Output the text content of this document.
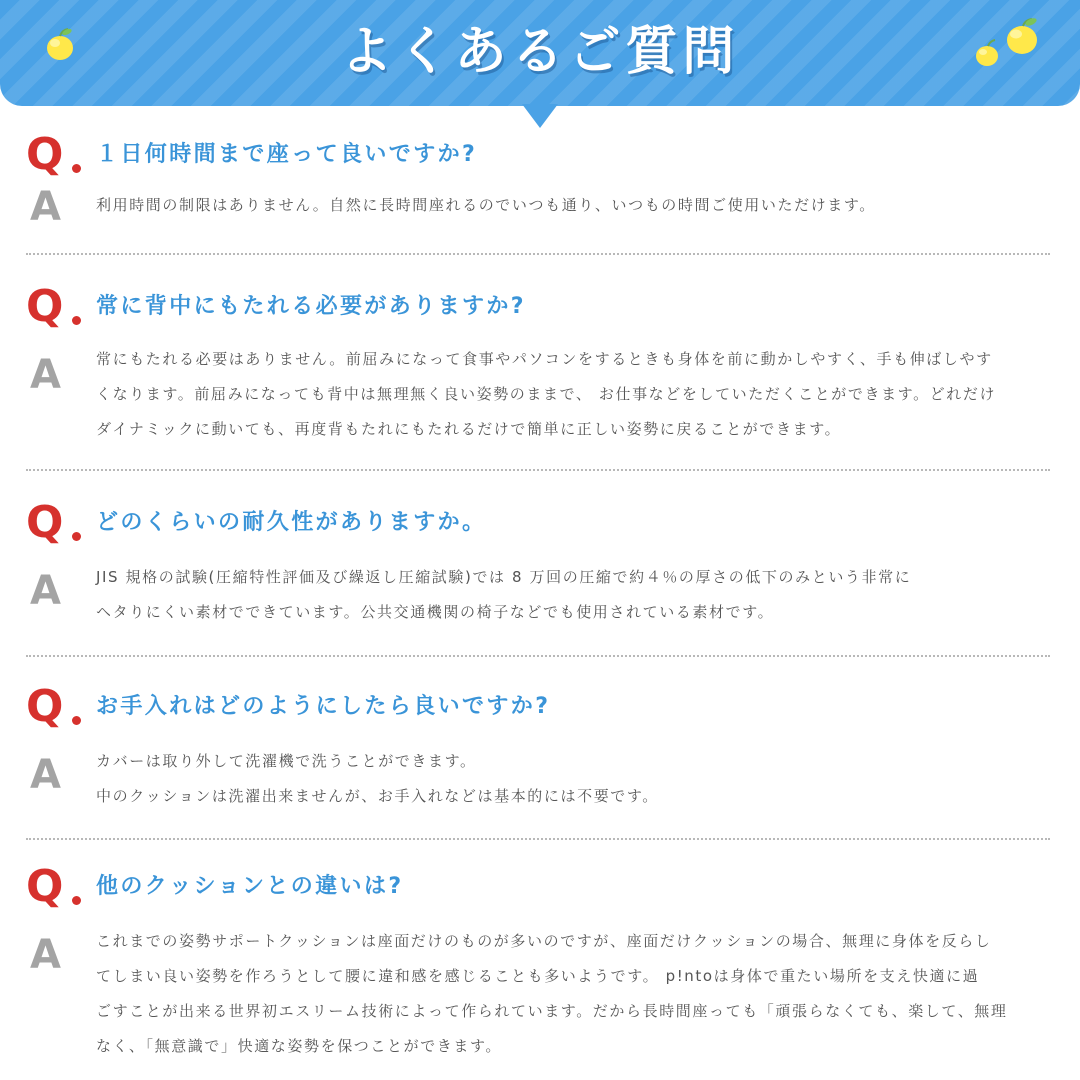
よくあるご質問
Q １日何時間まで座って良いですか?
A 利用時間の制限はありません。自然に長時間座れるのでいつも通り、いつもの時間ご使用いただけます。
Q 常に背中にもたれる必要がありますか?
A 常にもたれる必要はありません。前屈みになって食事やパソコンをするときも身体を前に動かしやすく、手も伸ばしやす
くなります。前屈みになっても背中は無理無く良い姿勢のままで、 お仕事などをしていただくことができます。どれだけ
ダイナミックに動いても、再度背もたれにもたれるだけで簡単に正しい姿勢に戻ることができます。
Q どのくらいの耐久性がありますか。
A JIS 規格の試験(圧縮特性評価及び繰返し圧縮試験)では 8 万回の圧縮で約４％の厚さの低下のみという非常に
ヘタりにくい素材でできています。公共交通機関の椅子などでも使用されている素材です。
Q お手入れはどのようにしたら良いですか?
A カバーは取り外して洗濯機で洗うことができます。
中のクッションは洗濯出来ませんが、お手入れなどは基本的には不要です。
Q 他のクッションとの違いは?
A これまでの姿勢サポートクッションは座面だけのものが多いのですが、座面だけクッションの場合、無理に身体を反らし
てしまい良い姿勢を作ろうとして腰に違和感を感じることも多いようです。 p!ntoは身体で重たい場所を支え快適に過
ごすことが出来る世界初エスリーム技術によって作られています。だから長時間座っても「頑張らなくても、楽して、無理
なく、「無意識で」快適な姿勢を保つことができます。
